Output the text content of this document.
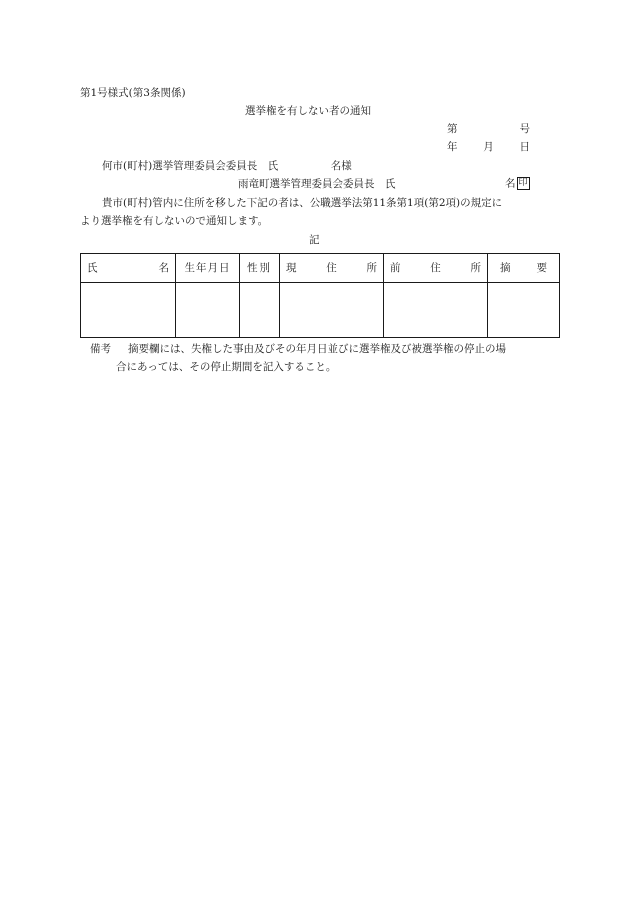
第1号様式(第3条関係)
選挙権を有しない者の通知
第	号
年 月 日
何市(町村)選挙管理委員会委員長　氏　　　　　名様
雨竜町選挙管理委員会委員長　氏	名 印
貴市(町村)管内に住所を移した下記の者は、公職選挙法第11条第1項(第2項)の規定に
より選挙権を有しないので通知します。
記
氏 名	生年月日	性別	現 住 所	前 住 所	摘 要

備考 摘要欄には、失権した事由及びその年月日並びに選挙権及び被選挙権の停止の場
合にあっては、その停止期間を記入すること。
